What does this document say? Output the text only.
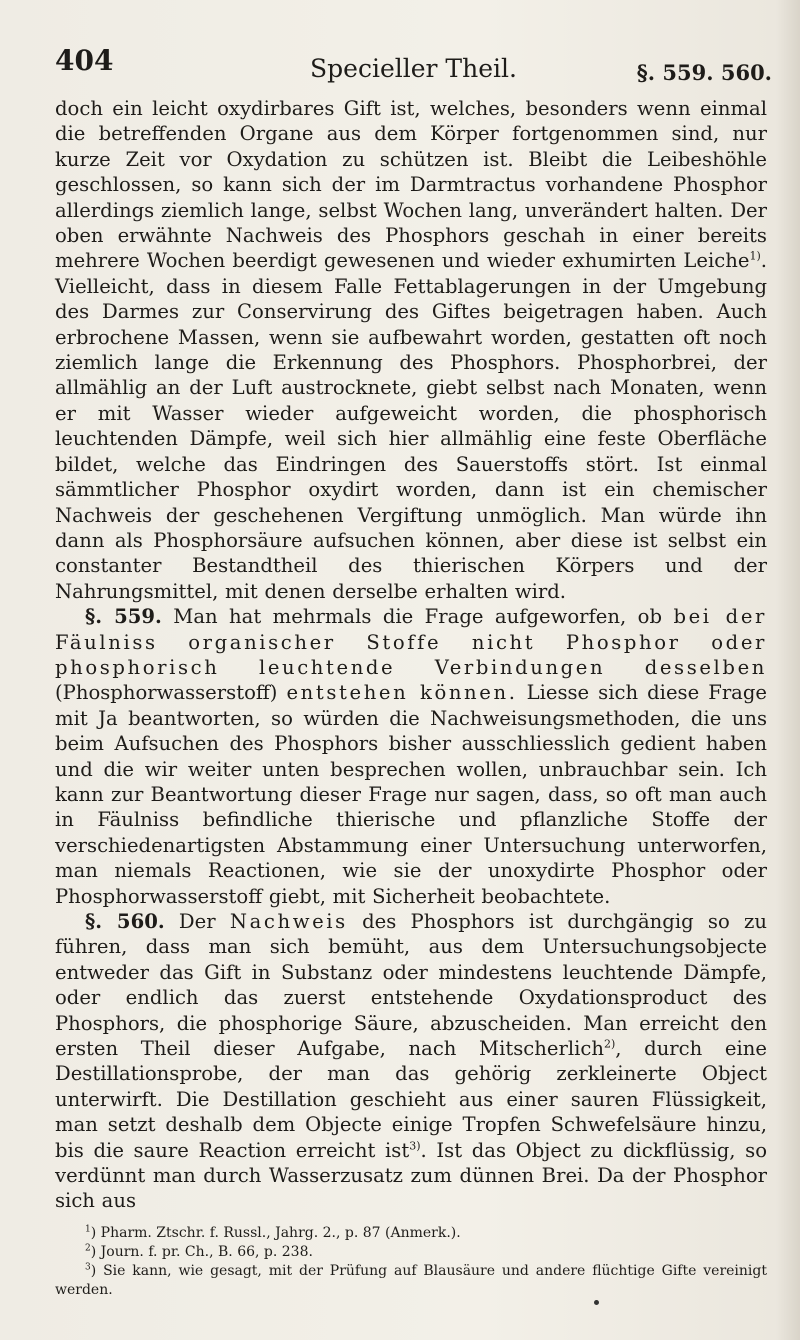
404	Specieller Theil.	§. 559. 560.

doch ein leicht oxydirbares Gift ist, welches, besonders wenn einmal die betreffenden Organe aus dem Körper fortgenommen sind, nur kurze Zeit vor Oxydation zu schützen ist. Bleibt die Leibeshöhle geschlossen, so kann sich der im Darmtractus vorhandene Phosphor allerdings ziemlich lange, selbst Wochen lang, unverändert halten. Der oben erwähnte Nachweis des Phosphors geschah in einer bereits mehrere Wochen beerdigt gewesenen und wieder exhumirten Leiche$^{1)}$. Vielleicht, dass in diesem Falle Fettablagerungen in der Umgebung des Darmes zur Conservirung des Giftes beigetragen haben. Auch erbrochene Massen, wenn sie aufbewahrt worden, gestatten oft noch ziemlich lange die Erkennung des Phosphors. Phosphorbrei, der allmählig an der Luft austrocknete, giebt selbst nach Monaten, wenn er mit Wasser wieder aufgeweicht worden, die phosphorisch leuchtenden Dämpfe, weil sich hier allmählig eine feste Oberfläche bildet, welche das Eindringen des Sauerstoffs stört. Ist einmal sämmtlicher Phosphor oxydirt worden, dann ist ein chemischer Nachweis der geschehenen Vergiftung unmöglich. Man würde ihn dann als Phosphorsäure aufsuchen können, aber diese ist selbst ein constanter Bestandtheil des thierischen Körpers und der Nahrungsmittel, mit denen derselbe erhalten wird.

§. 559. Man hat mehrmals die Frage aufgeworfen, ob bei der Fäulniss organischer Stoffe nicht Phosphor oder phosphorisch leuchtende Verbindungen desselben (Phosphorwasserstoff) entstehen können. Liesse sich diese Frage mit Ja beantworten, so würden die Nachweisungsmethoden, die uns beim Aufsuchen des Phosphors bisher ausschliesslich gedient haben und die wir weiter unten besprechen wollen, unbrauchbar sein. Ich kann zur Beantwortung dieser Frage nur sagen, dass, so oft man auch in Fäulniss befindliche thierische und pflanzliche Stoffe der verschiedenartigsten Abstammung einer Untersuchung unterworfen, man niemals Reactionen, wie sie der unoxydirte Phosphor oder Phosphorwasserstoff giebt, mit Sicherheit beobachtete.

§. 560. Der Nachweis des Phosphors ist durchgängig so zu führen, dass man sich bemüht, aus dem Untersuchungsobjecte entweder das Gift in Substanz oder mindestens leuchtende Dämpfe, oder endlich das zuerst entstehende Oxydationsproduct des Phosphors, die phosphorige Säure, abzuscheiden. Man erreicht den ersten Theil dieser Aufgabe, nach Mitscherlich$^{2)}$, durch eine Destillationsprobe, der man das gehörig zerkleinerte Object unterwirft. Die Destillation geschieht aus einer sauren Flüssigkeit, man setzt deshalb dem Objecte einige Tropfen Schwefelsäure hinzu, bis die saure Reaction erreicht ist$^{3)}$. Ist das Object zu dickflüssig, so verdünnt man durch Wasserzusatz zum dünnen Brei. Da der Phosphor sich aus

$^1$) Pharm. Ztschr. f. Russl., Jahrg. 2., p. 87 (Anmerk.).
$^2$) Journ. f. pr. Ch., B. 66, p. 238.
$^3$) Sie kann, wie gesagt, mit der Prüfung auf Blausäure und andere flüchtige Gifte vereinigt werden.
